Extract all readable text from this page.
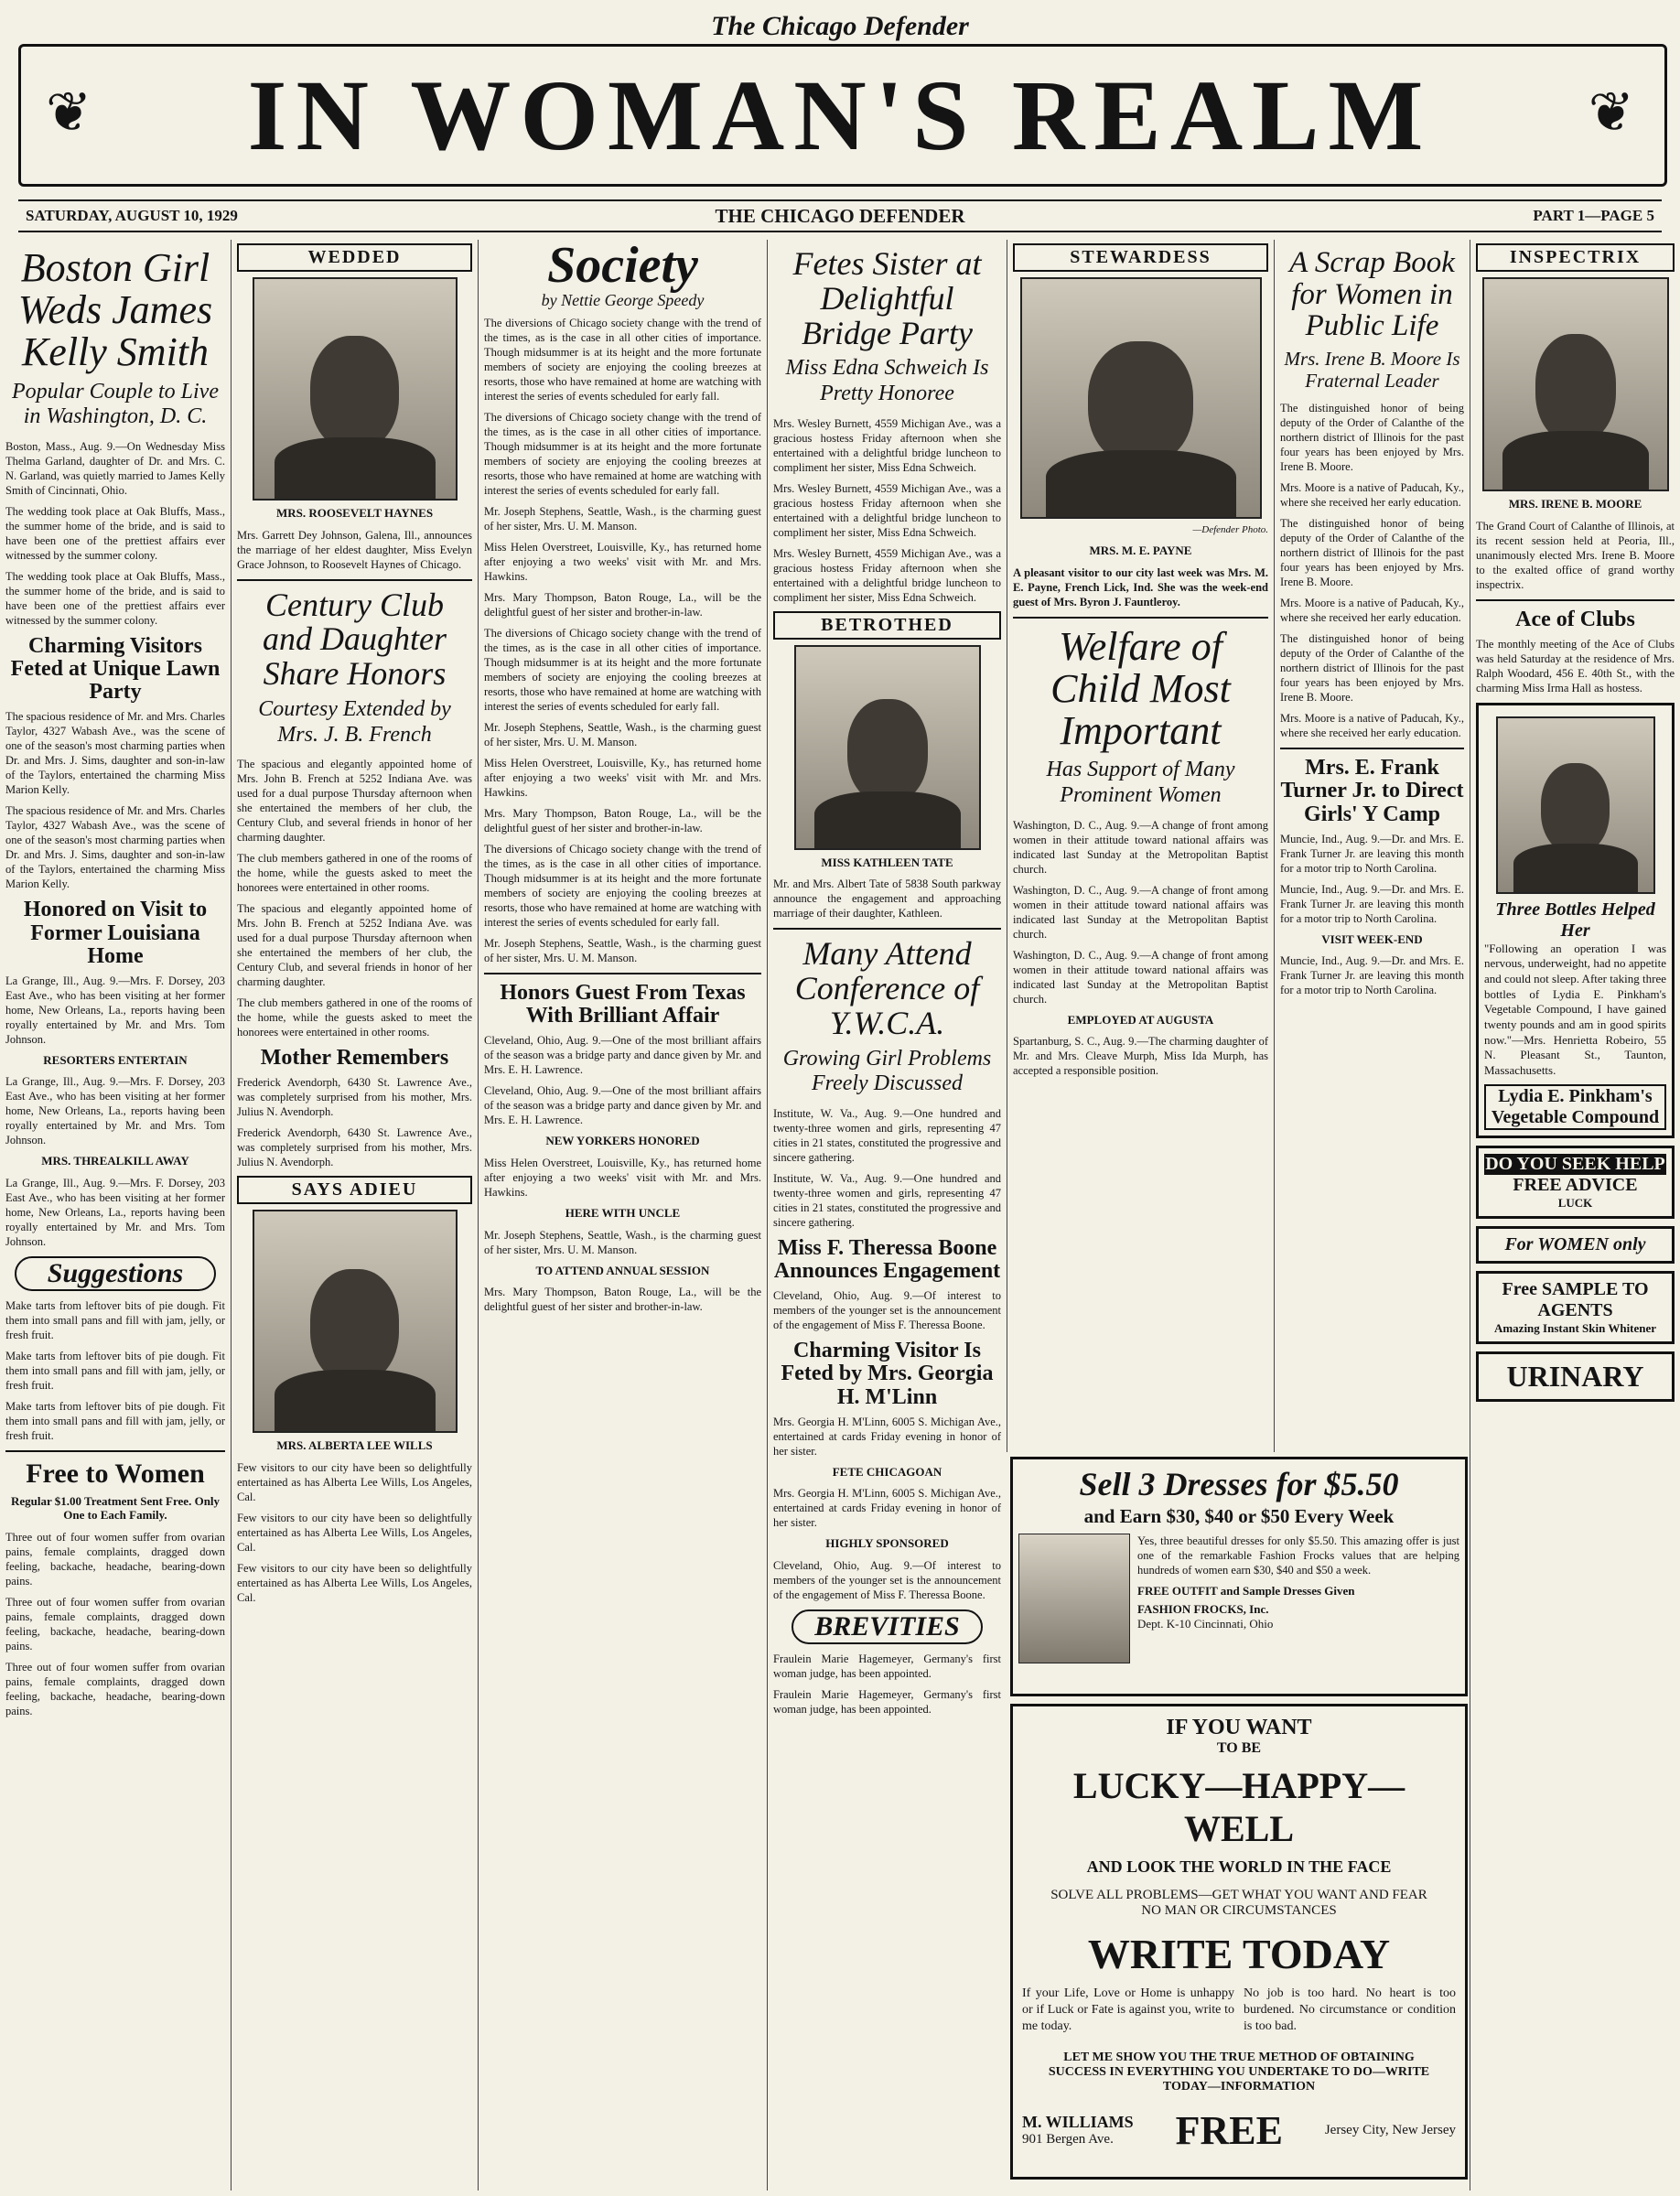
The Chicago Defender
❦	❦
IN WOMAN'S REALM
SATURDAY, AUGUST 10, 1929	THE CHICAGO DEFENDER	PART 1—PAGE 5
Boston Girl Weds James Kelly Smith
Popular Couple to Live in Washington, D. C.

Boston, Mass., Aug. 9.—On Wednesday Miss Thelma Garland, daughter of Dr. and Mrs. C. N. Garland, was quietly married to James Kelly Smith of Cincinnati, Ohio.

The wedding took place at Oak Bluffs, Mass., the summer home of the bride, and is said to have been one of the prettiest affairs ever witnessed by the summer colony.

The wedding took place at Oak Bluffs, Mass., the summer home of the bride, and is said to have been one of the prettiest affairs ever witnessed by the summer colony.

Charming Visitors Feted at Unique Lawn Party

The spacious residence of Mr. and Mrs. Charles Taylor, 4327 Wabash Ave., was the scene of one of the season's most charming parties when Dr. and Mrs. J. Sims, daughter and son-in-law of the Taylors, entertained the charming Miss Marion Kelly.

The spacious residence of Mr. and Mrs. Charles Taylor, 4327 Wabash Ave., was the scene of one of the season's most charming parties when Dr. and Mrs. J. Sims, daughter and son-in-law of the Taylors, entertained the charming Miss Marion Kelly.

Honored on Visit to Former Louisiana Home

La Grange, Ill., Aug. 9.—Mrs. F. Dorsey, 203 East Ave., who has been visiting at her former home, New Orleans, La., reports having been royally entertained by Mr. and Mrs. Tom Johnson.

RESORTERS ENTERTAIN

La Grange, Ill., Aug. 9.—Mrs. F. Dorsey, 203 East Ave., who has been visiting at her former home, New Orleans, La., reports having been royally entertained by Mr. and Mrs. Tom Johnson.

MRS. THREALKILL AWAY

La Grange, Ill., Aug. 9.—Mrs. F. Dorsey, 203 East Ave., who has been visiting at her former home, New Orleans, La., reports having been royally entertained by Mr. and Mrs. Tom Johnson.

Suggestions

Make tarts from leftover bits of pie dough. Fit them into small pans and fill with jam, jelly, or fresh fruit.

Make tarts from leftover bits of pie dough. Fit them into small pans and fill with jam, jelly, or fresh fruit.

Make tarts from leftover bits of pie dough. Fit them into small pans and fill with jam, jelly, or fresh fruit.

Free to Women
Regular $1.00 Treatment Sent Free. Only One to Each Family.

Three out of four women suffer from ovarian pains, female complaints, dragged down feeling, backache, headache, bearing-down pains.

Three out of four women suffer from ovarian pains, female complaints, dragged down feeling, backache, headache, bearing-down pains.

Three out of four women suffer from ovarian pains, female complaints, dragged down feeling, backache, headache, bearing-down pains.

WEDDED
MRS. ROOSEVELT HAYNES

Mrs. Garrett Dey Johnson, Galena, Ill., announces the marriage of her eldest daughter, Miss Evelyn Grace Johnson, to Roosevelt Haynes of Chicago.

Century Club and Daughter Share Honors
Courtesy Extended by Mrs. J. B. French

The spacious and elegantly appointed home of Mrs. John B. French at 5252 Indiana Ave. was used for a dual purpose Thursday afternoon when she entertained the members of her club, the Century Club, and several friends in honor of her charming daughter.

The club members gathered in one of the rooms of the home, while the guests asked to meet the honorees were entertained in other rooms.

The spacious and elegantly appointed home of Mrs. John B. French at 5252 Indiana Ave. was used for a dual purpose Thursday afternoon when she entertained the members of her club, the Century Club, and several friends in honor of her charming daughter.

The club members gathered in one of the rooms of the home, while the guests asked to meet the honorees were entertained in other rooms.

Mother Remembers

Frederick Avendorph, 6430 St. Lawrence Ave., was completely surprised from his mother, Mrs. Julius N. Avendorph.

Frederick Avendorph, 6430 St. Lawrence Ave., was completely surprised from his mother, Mrs. Julius N. Avendorph.

SAYS ADIEU
MRS. ALBERTA LEE WILLS

Few visitors to our city have been so delightfully entertained as has Alberta Lee Wills, Los Angeles, Cal.

Few visitors to our city have been so delightfully entertained as has Alberta Lee Wills, Los Angeles, Cal.

Few visitors to our city have been so delightfully entertained as has Alberta Lee Wills, Los Angeles, Cal.

Society
by Nettie George Speedy

The diversions of Chicago society change with the trend of the times, as is the case in all other cities of importance. Though midsummer is at its height and the more fortunate members of society are enjoying the cooling breezes at resorts, those who have remained at home are watching with interest the series of events scheduled for early fall.

The diversions of Chicago society change with the trend of the times, as is the case in all other cities of importance. Though midsummer is at its height and the more fortunate members of society are enjoying the cooling breezes at resorts, those who have remained at home are watching with interest the series of events scheduled for early fall.

Mr. Joseph Stephens, Seattle, Wash., is the charming guest of her sister, Mrs. U. M. Manson.

Miss Helen Overstreet, Louisville, Ky., has returned home after enjoying a two weeks' visit with Mr. and Mrs. Hawkins.

Mrs. Mary Thompson, Baton Rouge, La., will be the delightful guest of her sister and brother-in-law.

The diversions of Chicago society change with the trend of the times, as is the case in all other cities of importance. Though midsummer is at its height and the more fortunate members of society are enjoying the cooling breezes at resorts, those who have remained at home are watching with interest the series of events scheduled for early fall.

Mr. Joseph Stephens, Seattle, Wash., is the charming guest of her sister, Mrs. U. M. Manson.

Miss Helen Overstreet, Louisville, Ky., has returned home after enjoying a two weeks' visit with Mr. and Mrs. Hawkins.

Mrs. Mary Thompson, Baton Rouge, La., will be the delightful guest of her sister and brother-in-law.

The diversions of Chicago society change with the trend of the times, as is the case in all other cities of importance. Though midsummer is at its height and the more fortunate members of society are enjoying the cooling breezes at resorts, those who have remained at home are watching with interest the series of events scheduled for early fall.

Mr. Joseph Stephens, Seattle, Wash., is the charming guest of her sister, Mrs. U. M. Manson.

Honors Guest From Texas With Brilliant Affair

Cleveland, Ohio, Aug. 9.—One of the most brilliant affairs of the season was a bridge party and dance given by Mr. and Mrs. E. H. Lawrence.

Cleveland, Ohio, Aug. 9.—One of the most brilliant affairs of the season was a bridge party and dance given by Mr. and Mrs. E. H. Lawrence.

NEW YORKERS HONORED

Miss Helen Overstreet, Louisville, Ky., has returned home after enjoying a two weeks' visit with Mr. and Mrs. Hawkins.

HERE WITH UNCLE

Mr. Joseph Stephens, Seattle, Wash., is the charming guest of her sister, Mrs. U. M. Manson.

TO ATTEND ANNUAL SESSION

Mrs. Mary Thompson, Baton Rouge, La., will be the delightful guest of her sister and brother-in-law.

Fetes Sister at Delightful Bridge Party
Miss Edna Schweich Is Pretty Honoree

Mrs. Wesley Burnett, 4559 Michigan Ave., was a gracious hostess Friday afternoon when she entertained with a delightful bridge luncheon to compliment her sister, Miss Edna Schweich.

Mrs. Wesley Burnett, 4559 Michigan Ave., was a gracious hostess Friday afternoon when she entertained with a delightful bridge luncheon to compliment her sister, Miss Edna Schweich.

Mrs. Wesley Burnett, 4559 Michigan Ave., was a gracious hostess Friday afternoon when she entertained with a delightful bridge luncheon to compliment her sister, Miss Edna Schweich.

BETROTHED
MISS KATHLEEN TATE

Mr. and Mrs. Albert Tate of 5838 South parkway announce the engagement and approaching marriage of their daughter, Kathleen.

Many Attend Conference of Y.W.C.A.
Growing Girl Problems Freely Discussed

Institute, W. Va., Aug. 9.—One hundred and twenty-three women and girls, representing 47 cities in 21 states, constituted the progressive and sincere gathering.

Institute, W. Va., Aug. 9.—One hundred and twenty-three women and girls, representing 47 cities in 21 states, constituted the progressive and sincere gathering.

Miss F. Theressa Boone Announces Engagement

Cleveland, Ohio, Aug. 9.—Of interest to members of the younger set is the announcement of the engagement of Miss F. Theressa Boone.

Charming Visitor Is Feted by Mrs. Georgia H. M'Linn

Mrs. Georgia H. M'Linn, 6005 S. Michigan Ave., entertained at cards Friday evening in honor of her sister.

FETE CHICAGOAN

Mrs. Georgia H. M'Linn, 6005 S. Michigan Ave., entertained at cards Friday evening in honor of her sister.

HIGHLY SPONSORED

Cleveland, Ohio, Aug. 9.—Of interest to members of the younger set is the announcement of the engagement of Miss F. Theressa Boone.

BREVITIES

Fraulein Marie Hagemeyer, Germany's first woman judge, has been appointed.

Fraulein Marie Hagemeyer, Germany's first woman judge, has been appointed.

STEWARDESS
—Defender Photo.
MRS. M. E. PAYNE

A pleasant visitor to our city last week was Mrs. M. E. Payne, French Lick, Ind. She was the week-end guest of Mrs. Byron J. Fauntleroy.

Welfare of Child Most Important
Has Support of Many Prominent Women

Washington, D. C., Aug. 9.—A change of front among women in their attitude toward national affairs was indicated last Sunday at the Metropolitan Baptist church.

Washington, D. C., Aug. 9.—A change of front among women in their attitude toward national affairs was indicated last Sunday at the Metropolitan Baptist church.

Washington, D. C., Aug. 9.—A change of front among women in their attitude toward national affairs was indicated last Sunday at the Metropolitan Baptist church.

EMPLOYED AT AUGUSTA

Spartanburg, S. C., Aug. 9.—The charming daughter of Mr. and Mrs. Cleave Murph, Miss Ida Murph, has accepted a responsible position.

A Scrap Book for Women in Public Life
Mrs. Irene B. Moore Is Fraternal Leader

The distinguished honor of being deputy of the Order of Calanthe of the northern district of Illinois for the past four years has been enjoyed by Mrs. Irene B. Moore.

Mrs. Moore is a native of Paducah, Ky., where she received her early education.

The distinguished honor of being deputy of the Order of Calanthe of the northern district of Illinois for the past four years has been enjoyed by Mrs. Irene B. Moore.

Mrs. Moore is a native of Paducah, Ky., where she received her early education.

The distinguished honor of being deputy of the Order of Calanthe of the northern district of Illinois for the past four years has been enjoyed by Mrs. Irene B. Moore.

Mrs. Moore is a native of Paducah, Ky., where she received her early education.

Mrs. E. Frank Turner Jr. to Direct Girls' Y Camp

Muncie, Ind., Aug. 9.—Dr. and Mrs. E. Frank Turner Jr. are leaving this month for a motor trip to North Carolina.

Muncie, Ind., Aug. 9.—Dr. and Mrs. E. Frank Turner Jr. are leaving this month for a motor trip to North Carolina.

VISIT WEEK-END

Muncie, Ind., Aug. 9.—Dr. and Mrs. E. Frank Turner Jr. are leaving this month for a motor trip to North Carolina.

INSPECTRIX
MRS. IRENE B. MOORE

The Grand Court of Calanthe of Illinois, at its recent session held at Peoria, Ill., unanimously elected Mrs. Irene B. Moore to the exalted office of grand worthy inspectrix.

Ace of Clubs

The monthly meeting of the Ace of Clubs was held Saturday at the residence of Mrs. Ralph Woodard, 456 E. 40th St., with the charming Miss Irma Hall as hostess.

Three Bottles Helped Her

"Following an operation I was nervous, underweight, had no appetite and could not sleep. After taking three bottles of Lydia E. Pinkham's Vegetable Compound, I have gained twenty pounds and am in good spirits now."—Mrs. Henrietta Robeiro, 55 N. Pleasant St., Taunton, Massachusetts.

Lydia E. Pinkham's Vegetable Compound
DO YOU SEEK HELP
FREE ADVICE
LUCK
For WOMEN only
Free SAMPLE TO AGENTS
Amazing Instant Skin Whitener
URINARY
Sell 3 Dresses for $5.50
and Earn $30, $40 or $50 Every Week

Yes, three beautiful dresses for only $5.50. This amazing offer is just one of the remarkable Fashion Frocks values that are helping hundreds of women earn $30, $40 and $50 a week.

FREE OUTFIT and Sample Dresses Given
FASHION FROCKS, Inc.
Dept. K-10 Cincinnati, Ohio
IF YOU WANT
TO BE
LUCKY—HAPPY—WELL
AND LOOK THE WORLD IN THE FACE
SOLVE ALL PROBLEMS—GET WHAT YOU WANT AND FEAR NO MAN OR CIRCUMSTANCES
WRITE TODAY

If your Life, Love or Home is unhappy or if Luck or Fate is against you, write to me today.

No job is too hard. No heart is too burdened. No circumstance or condition is too bad.

LET ME SHOW YOU THE TRUE METHOD OF OBTAINING SUCCESS IN EVERYTHING YOU UNDERTAKE TO DO—WRITE TODAY—INFORMATION
M. WILLIAMS
901 Bergen Ave.	FREE	Jersey City, New Jersey
